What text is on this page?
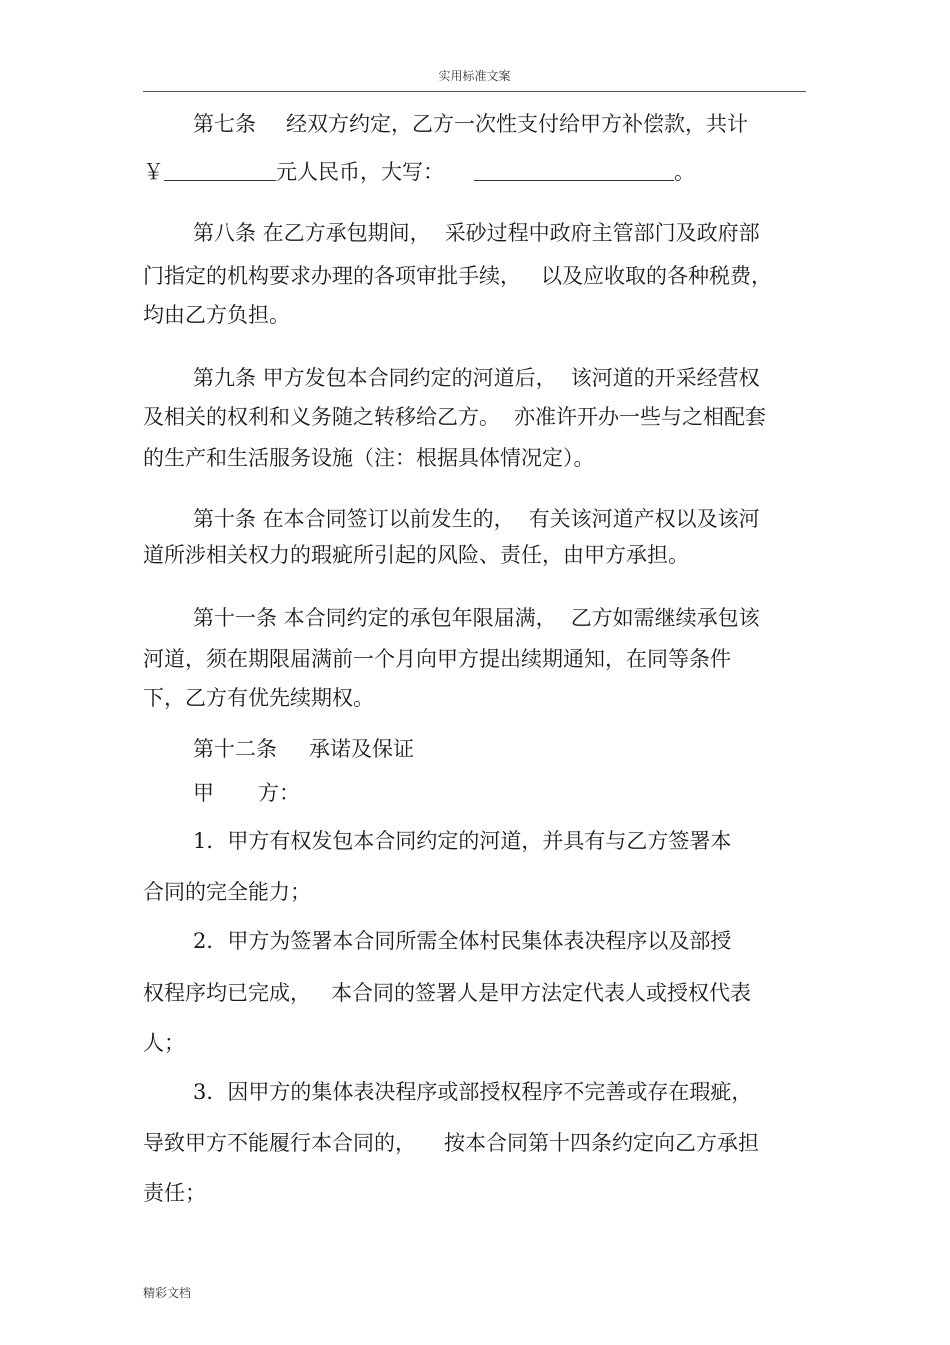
实用标准文案
第七条 经双方约定，乙方一次性支付给甲方补偿款，共计
￥	元人民币，大写：	。
第八条 在乙方承包期间， 采砂过程中政府主管部门及政府部
门指定的机构要求办理的各项审批手续， 以及应收取的各种税费，
均由乙方负担。
第九条 甲方发包本合同约定的河道后， 该河道的开采经营权
及相关的权利和义务随之转移给乙方。 亦准许开办一些与之相配套
的生产和生活服务设施（注：根据具体情况定）。
第十条 在本合同签订以前发生的， 有关该河道产权以及该河
道所涉相关权力的瑕疵所引起的风险、责任，由甲方承担。
第十一条 本合同约定的承包年限届满， 乙方如需继续承包该
河道，须在期限届满前一个月向甲方提出续期通知，在同等条件
下，乙方有优先续期权。
第十二条 承诺及保证
甲 方：
1．甲方有权发包本合同约定的河道，并具有与乙方签署本
合同的完全能力；
2．甲方为签署本合同所需全体村民集体表决程序以及部授
权程序均已完成， 本合同的签署人是甲方法定代表人或授权代表
人；
3．因甲方的集体表决程序或部授权程序不完善或存在瑕疵，
导致甲方不能履行本合同的， 按本合同第十四条约定向乙方承担
责任；
精彩文档
